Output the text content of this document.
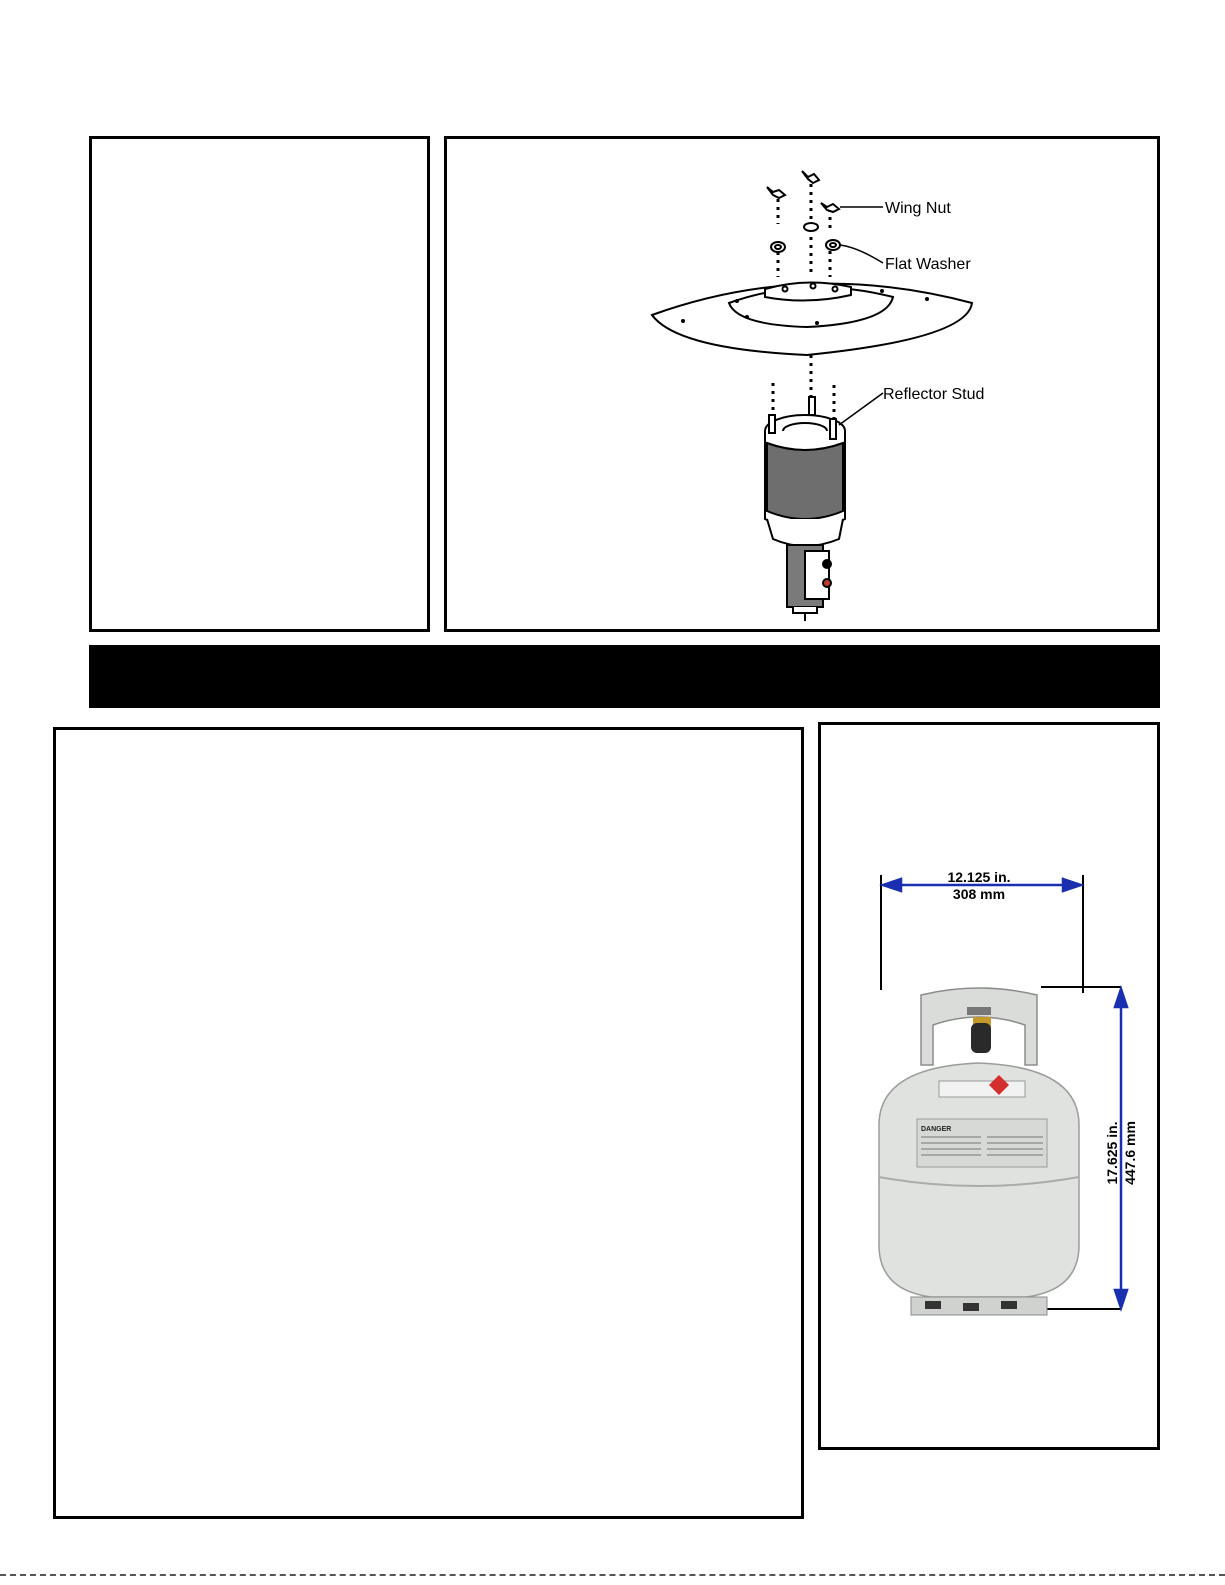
Wing Nut
Flat Washer
Reflector Stud
12.125 in.
308 mm
17.625 in. 447.6 mm
DANGER
